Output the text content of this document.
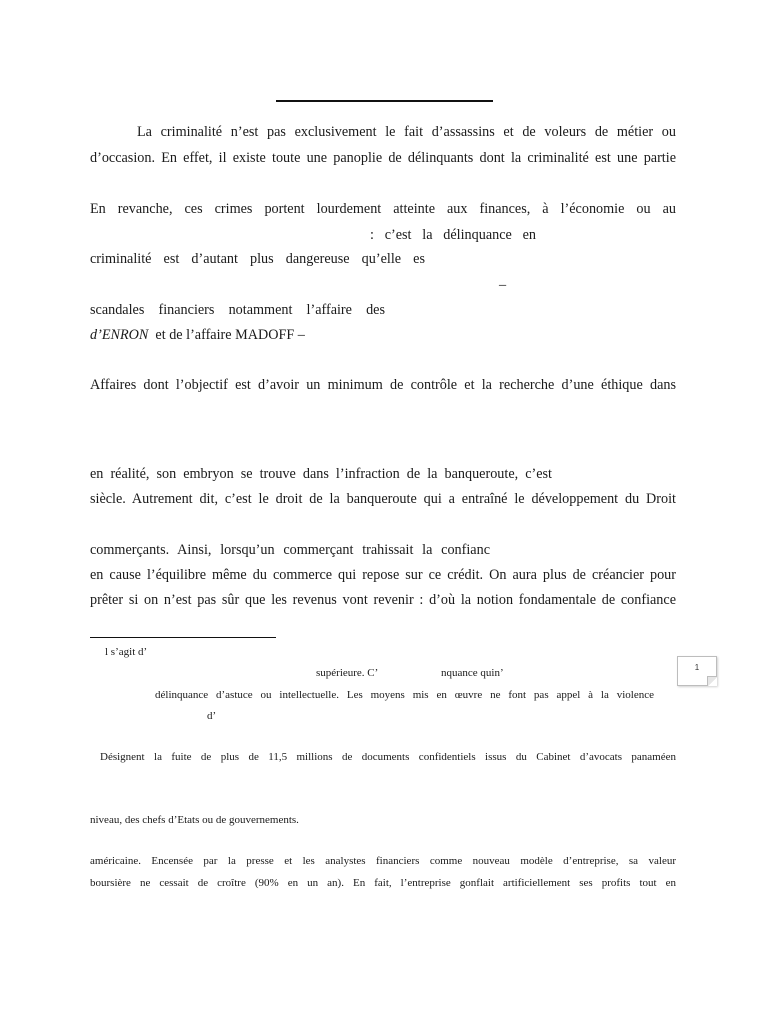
La criminalité n’est pas exclusivement le fait d’assassins et de voleurs de métier ou
d’occasion. En effet, il existe toute une panoplie de délinquants dont la criminalité est une partie
En revanche, ces crimes portent lourdement atteinte aux finances, à l’économie ou au
: c’est la délinquance en
criminalité est d’autant plus dangereuse qu’elle es
–
scandales financiers notamment l’affaire des
d’ENRON et de l’affaire MADOFF –
Affaires dont l’objectif est d’avoir un minimum de contrôle et la recherche d’une éthique dans
en réalité, son embryon se trouve dans l’infraction de la banqueroute, c’est
siècle. Autrement dit, c’est le droit de la banqueroute qui a entraîné le développement du Droit
commerçants. Ainsi, lorsqu’un commerçant trahissait la confianc
en cause l’équilibre même du commerce qui repose sur ce crédit. On aura plus de créancier pour
prêter si on n’est pas sûr que les revenus vont revenir : d’où la notion fondamentale de confiance
l s’agit d’
supérieure. C’	nquance quin’
délinquance d’astuce ou intellectuelle. Les moyens mis en œuvre ne font pas appel à la violence
d’
Désignent la fuite de plus de 11,5 millions de documents confidentiels issus du Cabinet d’avocats panaméen
niveau, des chefs d’Etats ou de gouvernements.
américaine. Encensée par la presse et les analystes financiers comme nouveau modèle d’entreprise, sa valeur
boursière ne cessait de croître (90% en un an). En fait, l’entreprise gonflait artificiellement ses profits tout en
1
